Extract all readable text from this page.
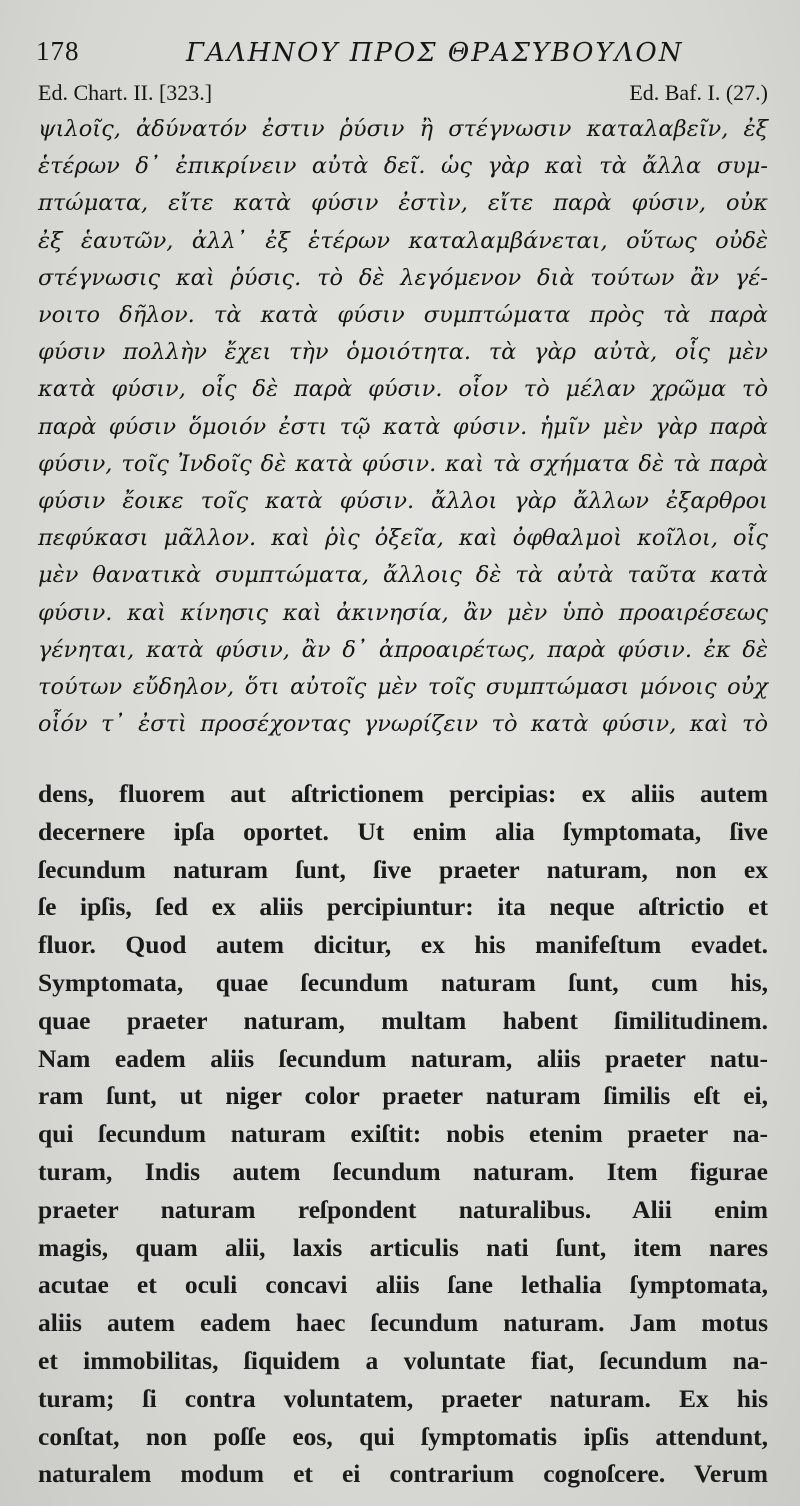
178	ΓΑΛΗΝΟΥ ΠΡΟΣ ΘΡΑΣΥΒΟΥΛΟΝ
Ed. Chart. II. [323.]	Ed. Baf. I. (27.)
ψιλοῖς, ἀδύνατόν ἐστιν ῥύσιν ἢ στέγνωσιν καταλαβεῖν, ἐξ
ἑτέρων δ᾽ ἐπικρίνειν αὐτὰ δεῖ. ὡς γὰρ καὶ τὰ ἄλλα συμ-
πτώματα, εἴτε κατὰ φύσιν ἐστὶν, εἴτε παρὰ φύσιν, οὐκ
ἐξ ἑαυτῶν, ἀλλ᾽ ἐξ ἑτέρων καταλαμβάνεται, οὕτως οὐδὲ
στέγνωσις καὶ ῥύσις. τὸ δὲ λεγόμενον διὰ τούτων ἂν γέ-
νοιτο δῆλον. τὰ κατὰ φύσιν συμπτώματα πρὸς τὰ παρὰ
φύσιν πολλὴν ἔχει τὴν ὁμοιότητα. τὰ γὰρ αὐτὰ, οἷς μὲν
κατὰ φύσιν, οἷς δὲ παρὰ φύσιν. οἷον τὸ μέλαν χρῶμα τὸ
παρὰ φύσιν ὅμοιόν ἐστι τῷ κατὰ φύσιν. ἡμῖν μὲν γὰρ παρὰ
φύσιν, τοῖς Ἰνδοῖς δὲ κατὰ φύσιν. καὶ τὰ σχήματα δὲ τὰ παρὰ
φύσιν ἔοικε τοῖς κατὰ φύσιν. ἄλλοι γὰρ ἄλλων ἐξαρθροι
πεφύκασι μᾶλλον. καὶ ῥὶς ὀξεῖα, καὶ ὀφθαλμοὶ κοῖλοι, οἷς
μὲν θανατικὰ συμπτώματα, ἄλλοις δὲ τὰ αὐτὰ ταῦτα κατὰ
φύσιν. καὶ κίνησις καὶ ἀκινησία, ἂν μὲν ὑπὸ προαιρέσεως
γένηται, κατὰ φύσιν, ἂν δ᾽ ἀπροαιρέτως, παρὰ φύσιν. ἐκ δὲ
τούτων εὔδηλον, ὅτι αὐτοῖς μὲν τοῖς συμπτώμασι μόνοις οὐχ
οἷόν τ᾽ ἐστὶ προσέχοντας γνωρίζειν τὸ κατὰ φύσιν, καὶ τὸ
dens, fluorem aut aſtrictionem percipias: ex aliis autem
decernere ipſa oportet. Ut enim alia ſymptomata, ſive
ſecundum naturam ſunt, ſive praeter naturam, non ex
ſe ipſis, ſed ex aliis percipiuntur: ita neque aſtrictio et
fluor. Quod autem dicitur, ex his manifeſtum evadet.
Symptomata, quae ſecundum naturam ſunt, cum his,
quae praeter naturam, multam habent ſimilitudinem.
Nam eadem aliis ſecundum naturam, aliis praeter natu-
ram ſunt, ut niger color praeter naturam ſimilis eſt ei,
qui ſecundum naturam exiſtit: nobis etenim praeter na-
turam, Indis autem ſecundum naturam. Item figurae
praeter naturam reſpondent naturalibus. Alii enim
magis, quam alii, laxis articulis nati ſunt, item nares
acutae et oculi concavi aliis ſane lethalia ſymptomata,
aliis autem eadem haec ſecundum naturam. Jam motus
et immobilitas, ſiquidem a voluntate fiat, ſecundum na-
turam; ſi contra voluntatem, praeter naturam. Ex his
conſtat, non poſſe eos, qui ſymptomatis ipſis attendunt,
naturalem modum et ei contrarium cognoſcere. Verum
